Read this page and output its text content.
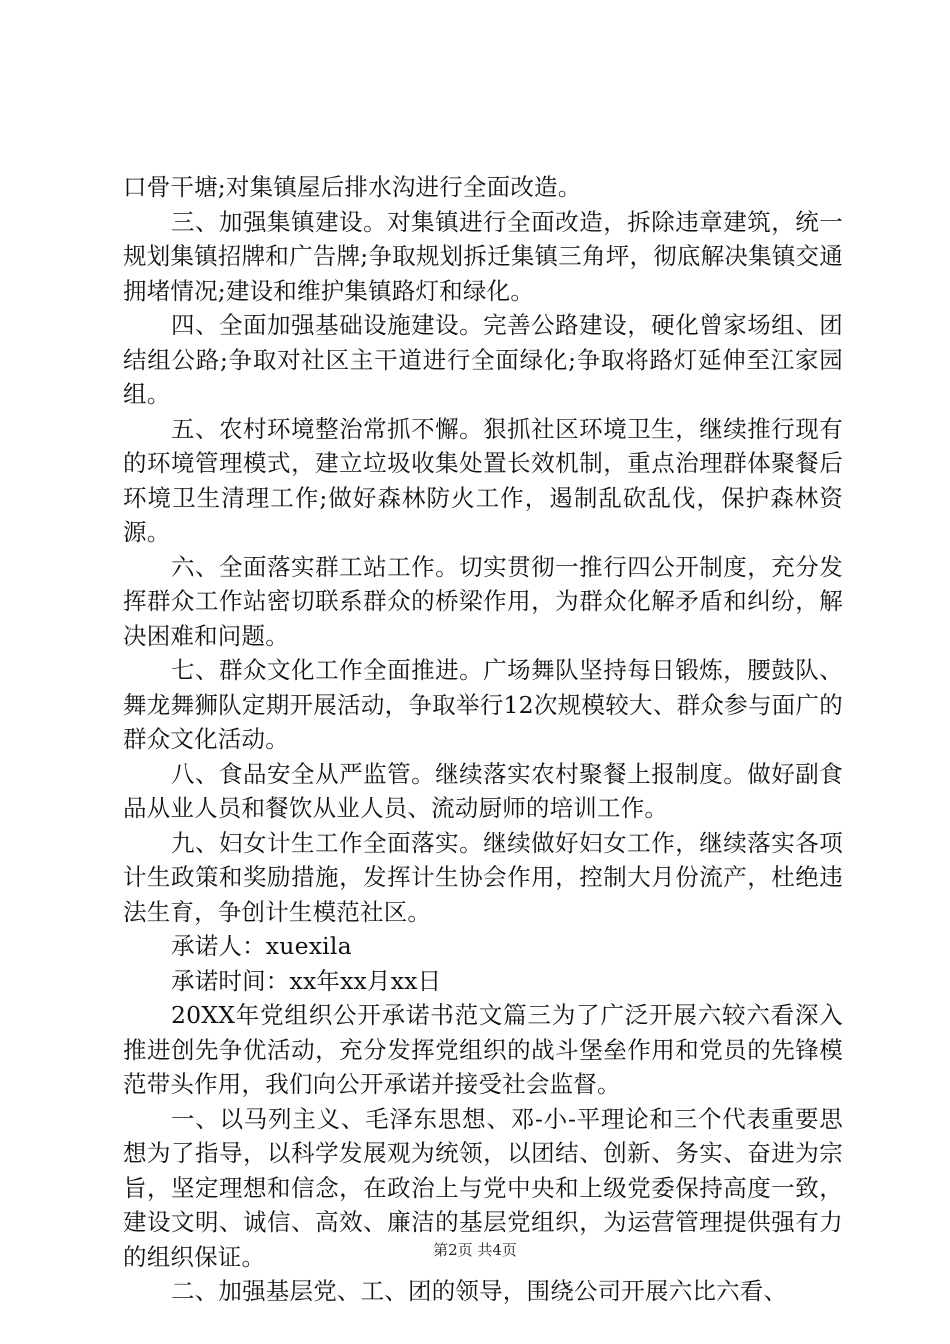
口骨干塘;对集镇屋后排水沟进行全面改造。

三、加强集镇建设。对集镇进行全面改造，拆除违章建筑，统一规划集镇招牌和广告牌;争取规划拆迁集镇三角坪，彻底解决集镇交通拥堵情况;建设和维护集镇路灯和绿化。

四、全面加强基础设施建设。完善公路建设，硬化曾家场组、团结组公路;争取对社区主干道进行全面绿化;争取将路灯延伸至江家园组。

五、农村环境整治常抓不懈。狠抓社区环境卫生，继续推行现有的环境管理模式，建立垃圾收集处置长效机制，重点治理群体聚餐后环境卫生清理工作;做好森林防火工作，遏制乱砍乱伐，保护森林资源。

六、全面落实群工站工作。切实贯彻一推行四公开制度，充分发挥群众工作站密切联系群众的桥梁作用，为群众化解矛盾和纠纷，解决困难和问题。

七、群众文化工作全面推进。广场舞队坚持每日锻炼，腰鼓队、舞龙舞狮队定期开展活动，争取举行12次规模较大、群众参与面广的群众文化活动。

八、食品安全从严监管。继续落实农村聚餐上报制度。做好副食品从业人员和餐饮从业人员、流动厨师的培训工作。

九、妇女计生工作全面落实。继续做好妇女工作，继续落实各项计生政策和奖励措施，发挥计生协会作用，控制大月份流产，杜绝违法生育，争创计生模范社区。

承诺人：xuexila

承诺时间：xx年xx月xx日

20XX年党组织公开承诺书范文篇三为了广泛开展六较六看深入推进创先争优活动，充分发挥党组织的战斗堡垒作用和党员的先锋模范带头作用，我们向公开承诺并接受社会监督。

一、以马列主义、毛泽东思想、邓-小-平理论和三个代表重要思想为了指导，以科学发展观为统领，以团结、创新、务实、奋进为宗旨，坚定理想和信念，在政治上与党中央和上级党委保持高度一致，建设文明、诚信、高效、廉洁的基层党组织，为运营管理提供强有力的组织保证。

二、加强基层党、工、团的领导，围绕公司开展六比六看、

第2页 共4页
